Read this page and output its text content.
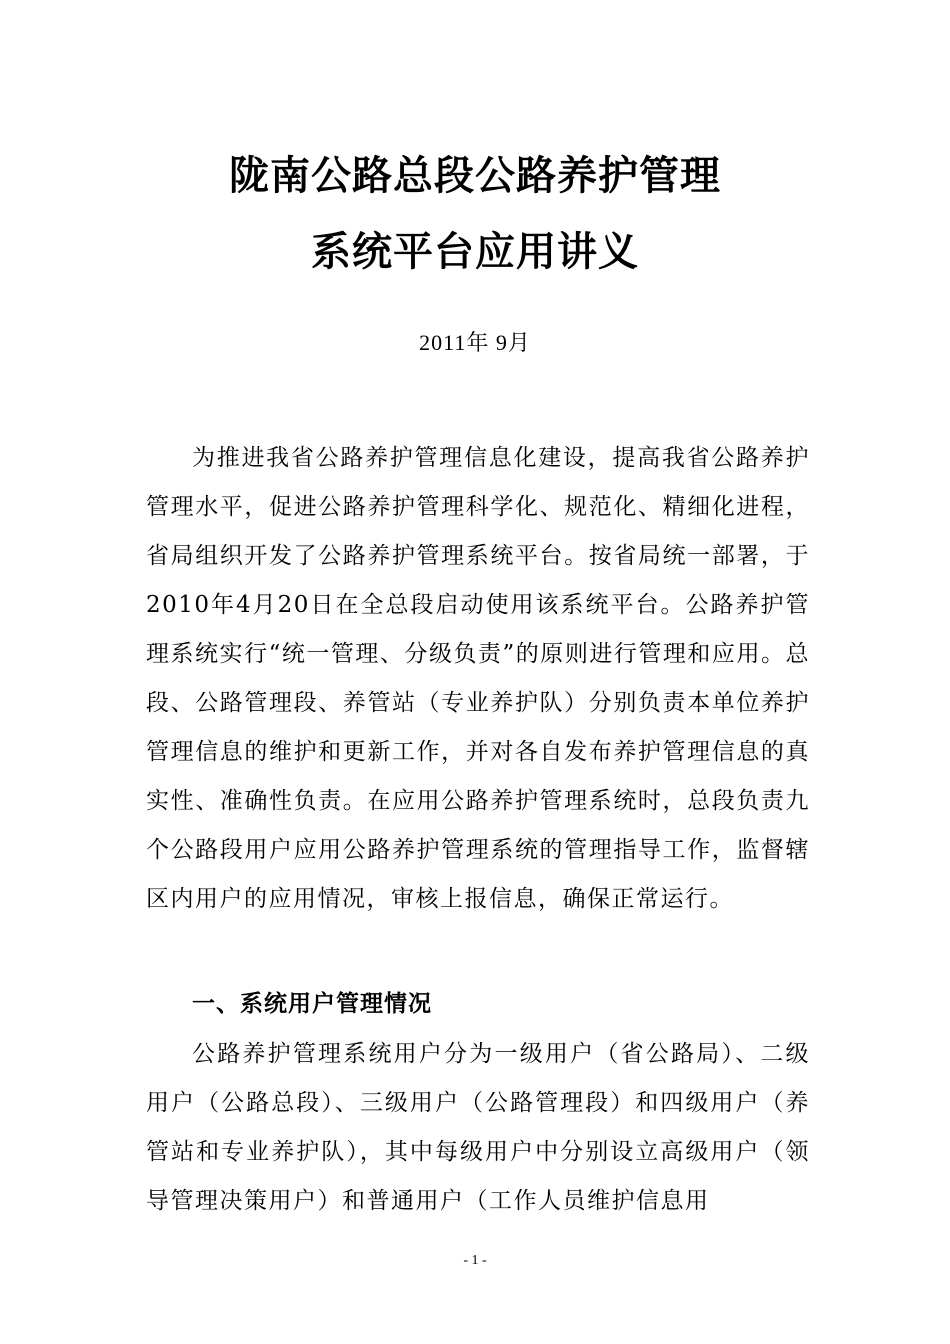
陇南公路总段公路养护管理
系统平台应用讲义
2011年 9月

为推进我省公路养护管理信息化建设，提高我省公路养护管理水平，促进公路养护管理科学化、规范化、精细化进程，省局组织开发了公路养护管理系统平台。按省局统一部署，于2010年4月20日在全总段启动使用该系统平台。公路养护管理系统实行“统一管理、分级负责”的原则进行管理和应用。总段、公路管理段、养管站（专业养护队）分别负责本单位养护管理信息的维护和更新工作，并对各自发布养护管理信息的真实性、准确性负责。在应用公路养护管理系统时，总段负责九个公路段用户应用公路养护管理系统的管理指导工作，监督辖区内用户的应用情况，审核上报信息，确保正常运行。

一、系统用户管理情况

公路养护管理系统用户分为一级用户（省公路局）、二级用户（公路总段）、三级用户（公路管理段）和四级用户（养管站和专业养护队），其中每级用户中分别设立高级用户（领导管理决策用户）和普通用户（工作人员维护信息用

- 1 -
